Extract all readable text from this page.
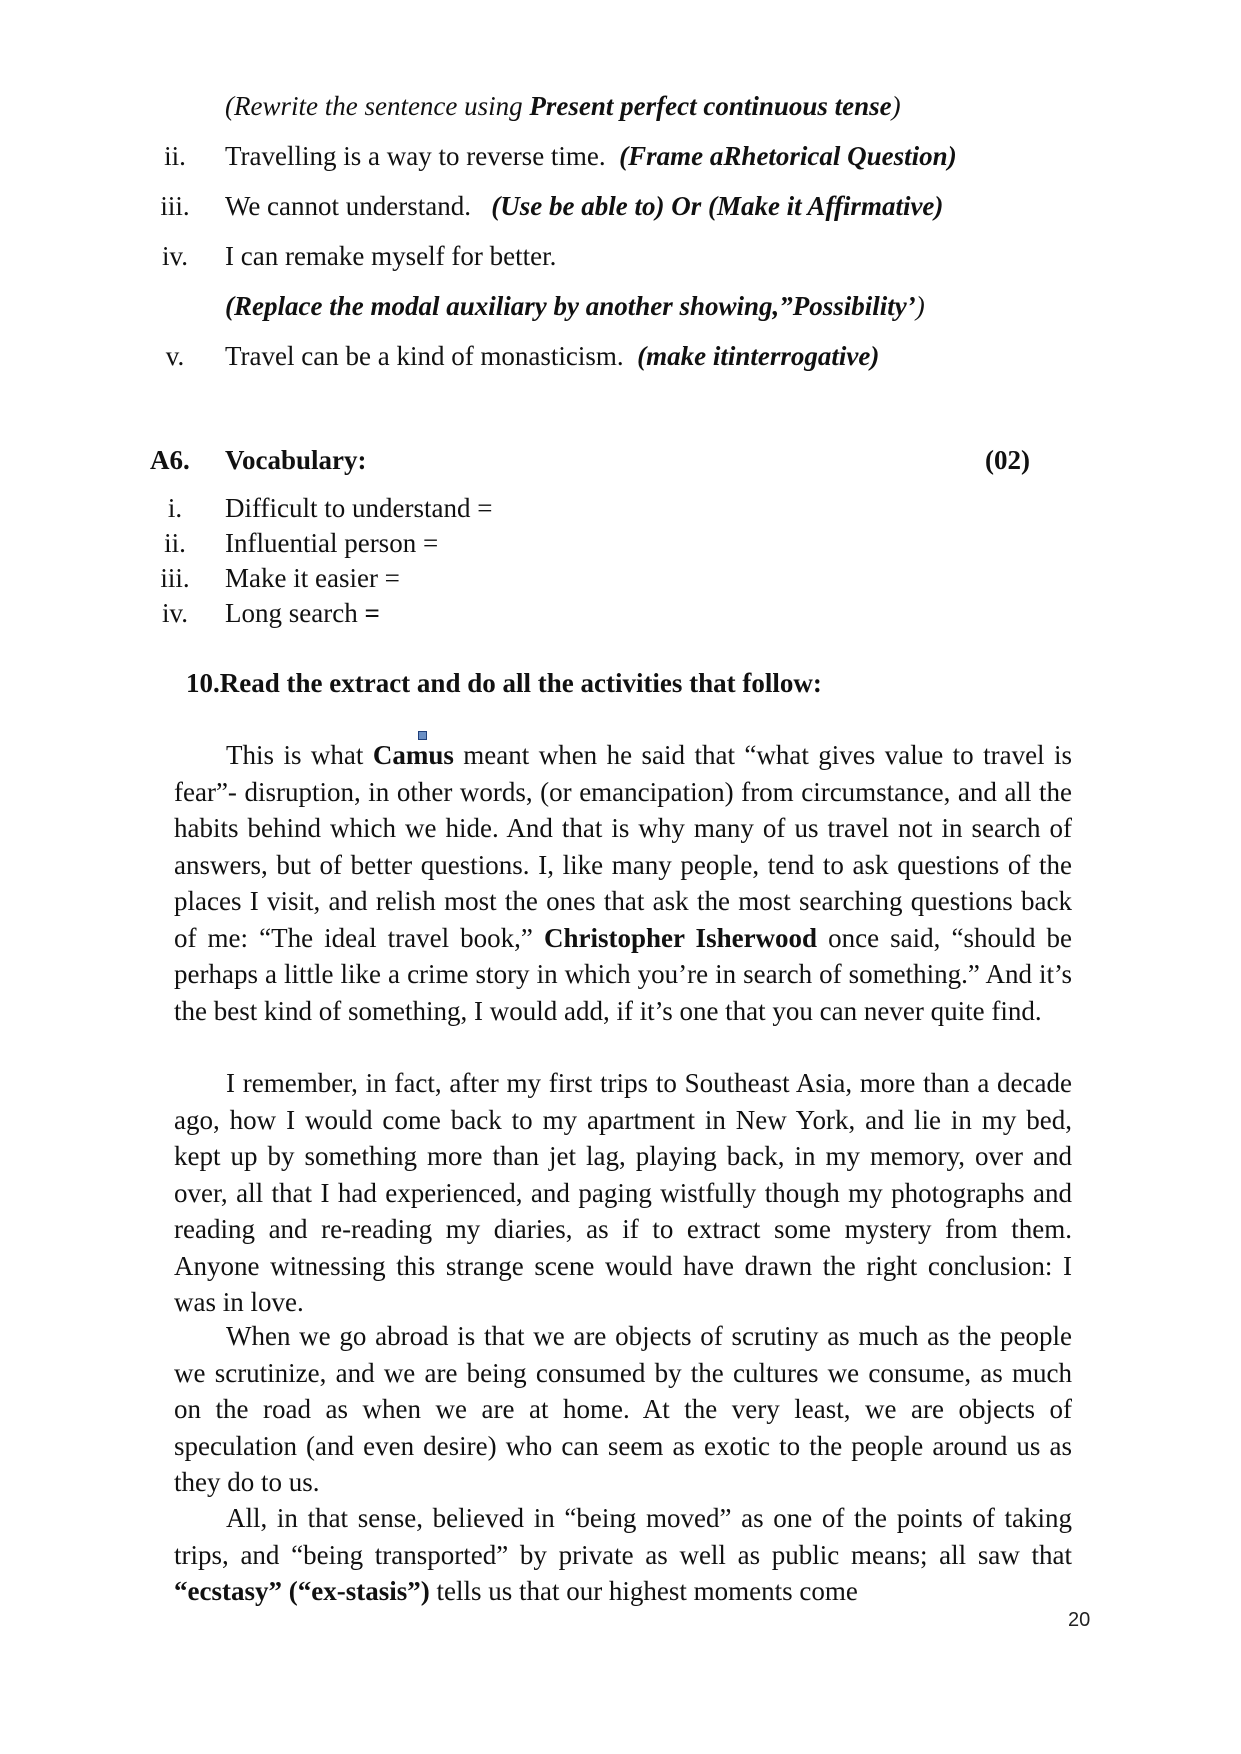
(Rewrite the sentence using Present perfect continuous tense)
ii.	Travelling is a way to reverse time. (Frame aRhetorical Question)
iii.	We cannot understand. (Use be able to) Or (Make it Affirmative)
iv.	I can remake myself for better.
(Replace the modal auxiliary by another showing,”Possibility’)
v.	Travel can be a kind of monasticism. (make itinterrogative)
A6. Vocabulary:	(02)
i.	Difficult to understand =
ii.	Influential person =
iii.	Make it easier =
iv.	Long search =
10.Read the extract and do all the activities that follow:

This is what Camus meant when he said that “what gives value to travel is fear”- disruption, in other words, (or emancipation) from circumstance, and all the habits behind which we hide. And that is why many of us travel not in search of answers, but of better questions. I, like many people, tend to ask questions of the places I visit, and relish most the ones that ask the most searching questions back of me: “The ideal travel book,” Christopher Isherwood once said, “should be perhaps a little like a crime story in which you’re in search of something.” And it’s the best kind of something, I would add, if it’s one that you can never quite find.

I remember, in fact, after my first trips to Southeast Asia, more than a decade ago, how I would come back to my apartment in New York, and lie in my bed, kept up by something more than jet lag, playing back, in my memory, over and over, all that I had experienced, and paging wistfully though my photographs and reading and re-reading my diaries, as if to extract some mystery from them. Anyone witnessing this strange scene would have drawn the right conclusion: I was in love.

When we go abroad is that we are objects of scrutiny as much as the people we scrutinize, and we are being consumed by the cultures we consume, as much on the road as when we are at home. At the very least, we are objects of speculation (and even desire) who can seem as exotic to the people around us as they do to us.

All, in that sense, believed in “being moved” as one of the points of taking trips, and “being transported” by private as well as public means; all saw that “ecstasy” (“ex-stasis”) tells us that our highest moments come

20
